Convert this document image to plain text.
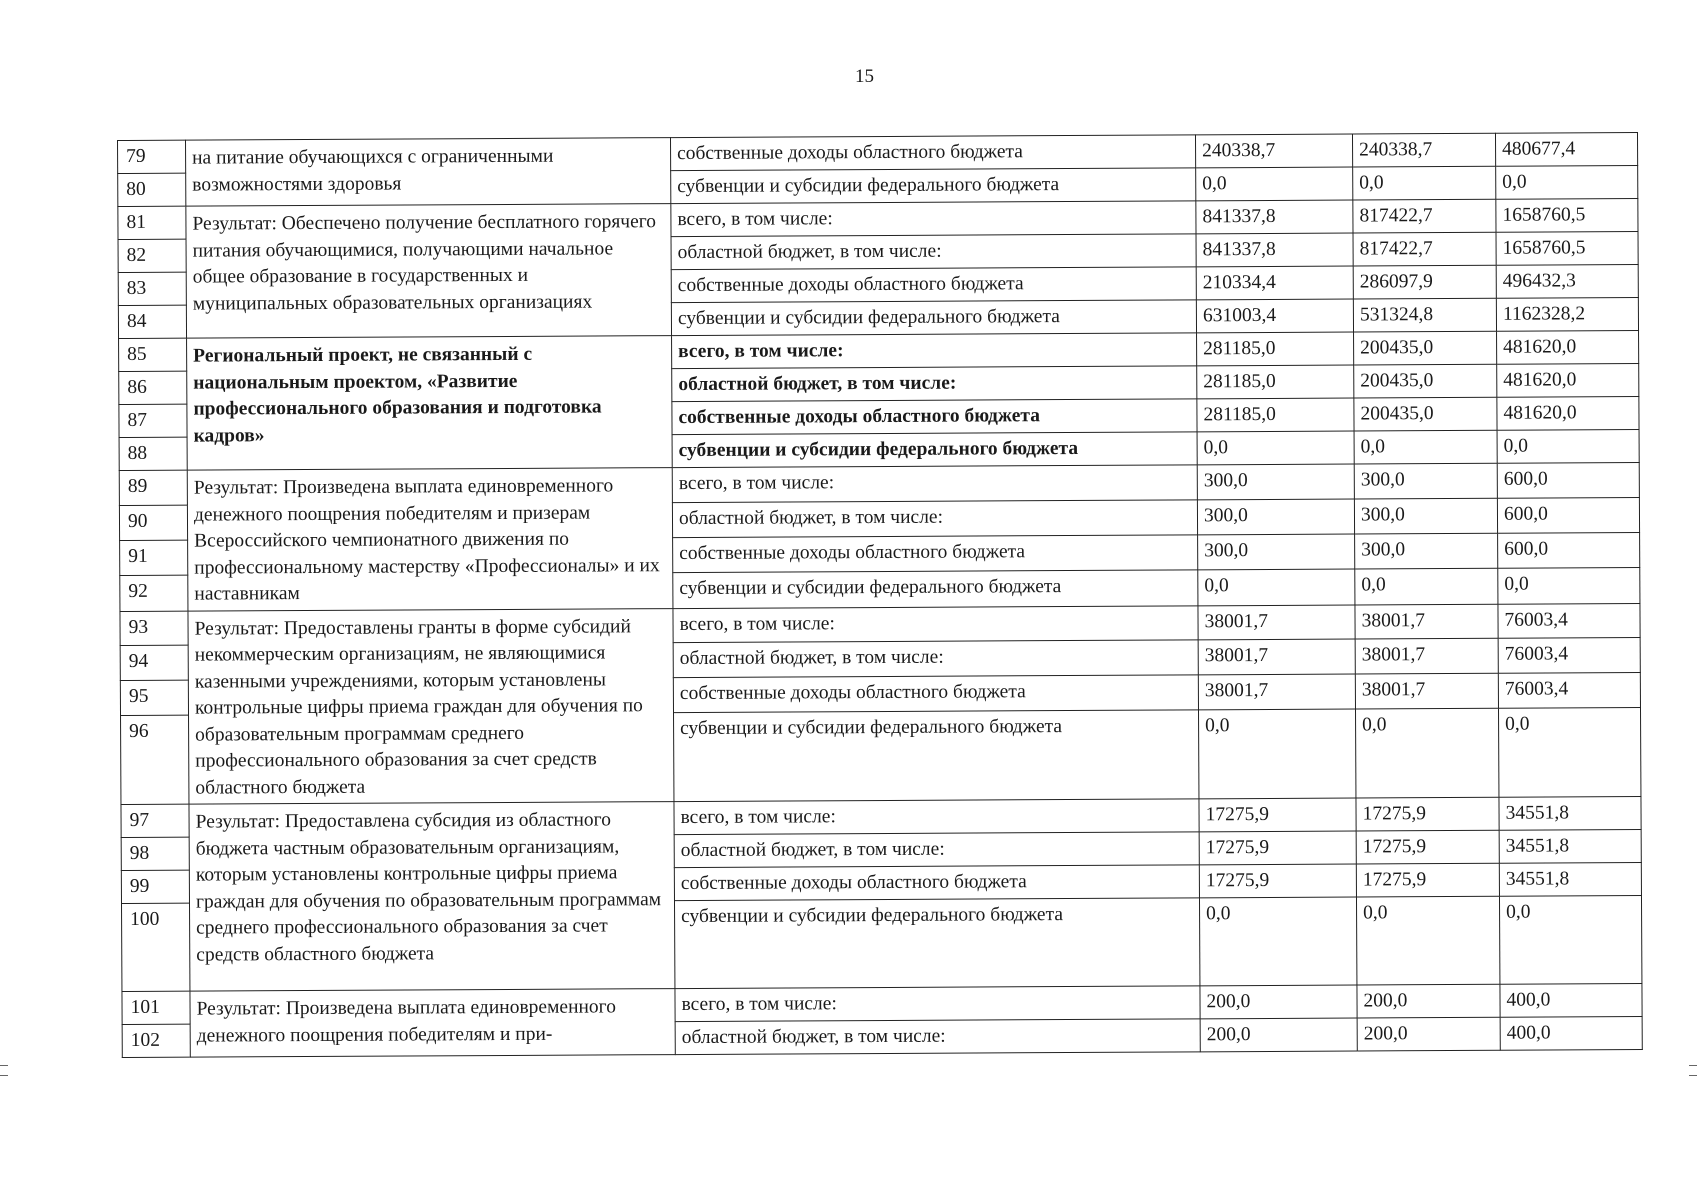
15
79	на питание обучающихся с ограниченными возможностями здоровья	собственные доходы областного бюджета	240338,7	240338,7	480677,4
80		субвенции и субсидии федерального бюджета	0,0	0,0	0,0
81	Результат: Обеспечено получение бесплатного горячего питания обучающимися, получающими начальное общее образование в государственных и муниципальных образовательных организациях	всего, в том числе:	841337,8	817422,7	1658760,5
82		областной бюджет, в том числе:	841337,8	817422,7	1658760,5
83		собственные доходы областного бюджета	210334,4	286097,9	496432,3
84		субвенции и субсидии федерального бюджета	631003,4	531324,8	1162328,2
85	Региональный проект, не связанный с национальным проектом, «Развитие профессионального образования и подготовка кадров»	всего, в том числе:	281185,0	200435,0	481620,0
86		областной бюджет, в том числе:	281185,0	200435,0	481620,0
87		собственные доходы областного бюджета	281185,0	200435,0	481620,0
88		субвенции и субсидии федерального бюджета	0,0	0,0	0,0
89	Результат: Произведена выплата единовременного денежного поощрения победителям и призерам Всероссийского чемпионатного движения по профессиональному мастерству «Профессионалы» и их наставникам	всего, в том числе:	300,0	300,0	600,0
90		областной бюджет, в том числе:	300,0	300,0	600,0
91		собственные доходы областного бюджета	300,0	300,0	600,0
92		субвенции и субсидии федерального бюджета	0,0	0,0	0,0
93	Результат: Предоставлены гранты в форме субсидий некоммерческим организациям, не являющимися казенными учреждениями, которым установлены контрольные цифры приема граждан для обучения по образовательным программам среднего профессионального образования за счет средств областного бюджета	всего, в том числе:	38001,7	38001,7	76003,4
94		областной бюджет, в том числе:	38001,7	38001,7	76003,4
95		собственные доходы областного бюджета	38001,7	38001,7	76003,4
96		субвенции и субсидии федерального бюджета	0,0	0,0	0,0
97	Результат: Предоставлена субсидия из областного бюджета частным образовательным организациям, которым установлены контрольные цифры приема граждан для обучения по образовательным программам среднего профессионального образования за счет средств областного бюджета	всего, в том числе:	17275,9	17275,9	34551,8
98		областной бюджет, в том числе:	17275,9	17275,9	34551,8
99		собственные доходы областного бюджета	17275,9	17275,9	34551,8
100		субвенции и субсидии федерального бюджета	0,0	0,0	0,0
101	Результат: Произведена выплата единовременного денежного поощрения победителям и при-	всего, в том числе:	200,0	200,0	400,0
102		областной бюджет, в том числе:	200,0	200,0	400,0
